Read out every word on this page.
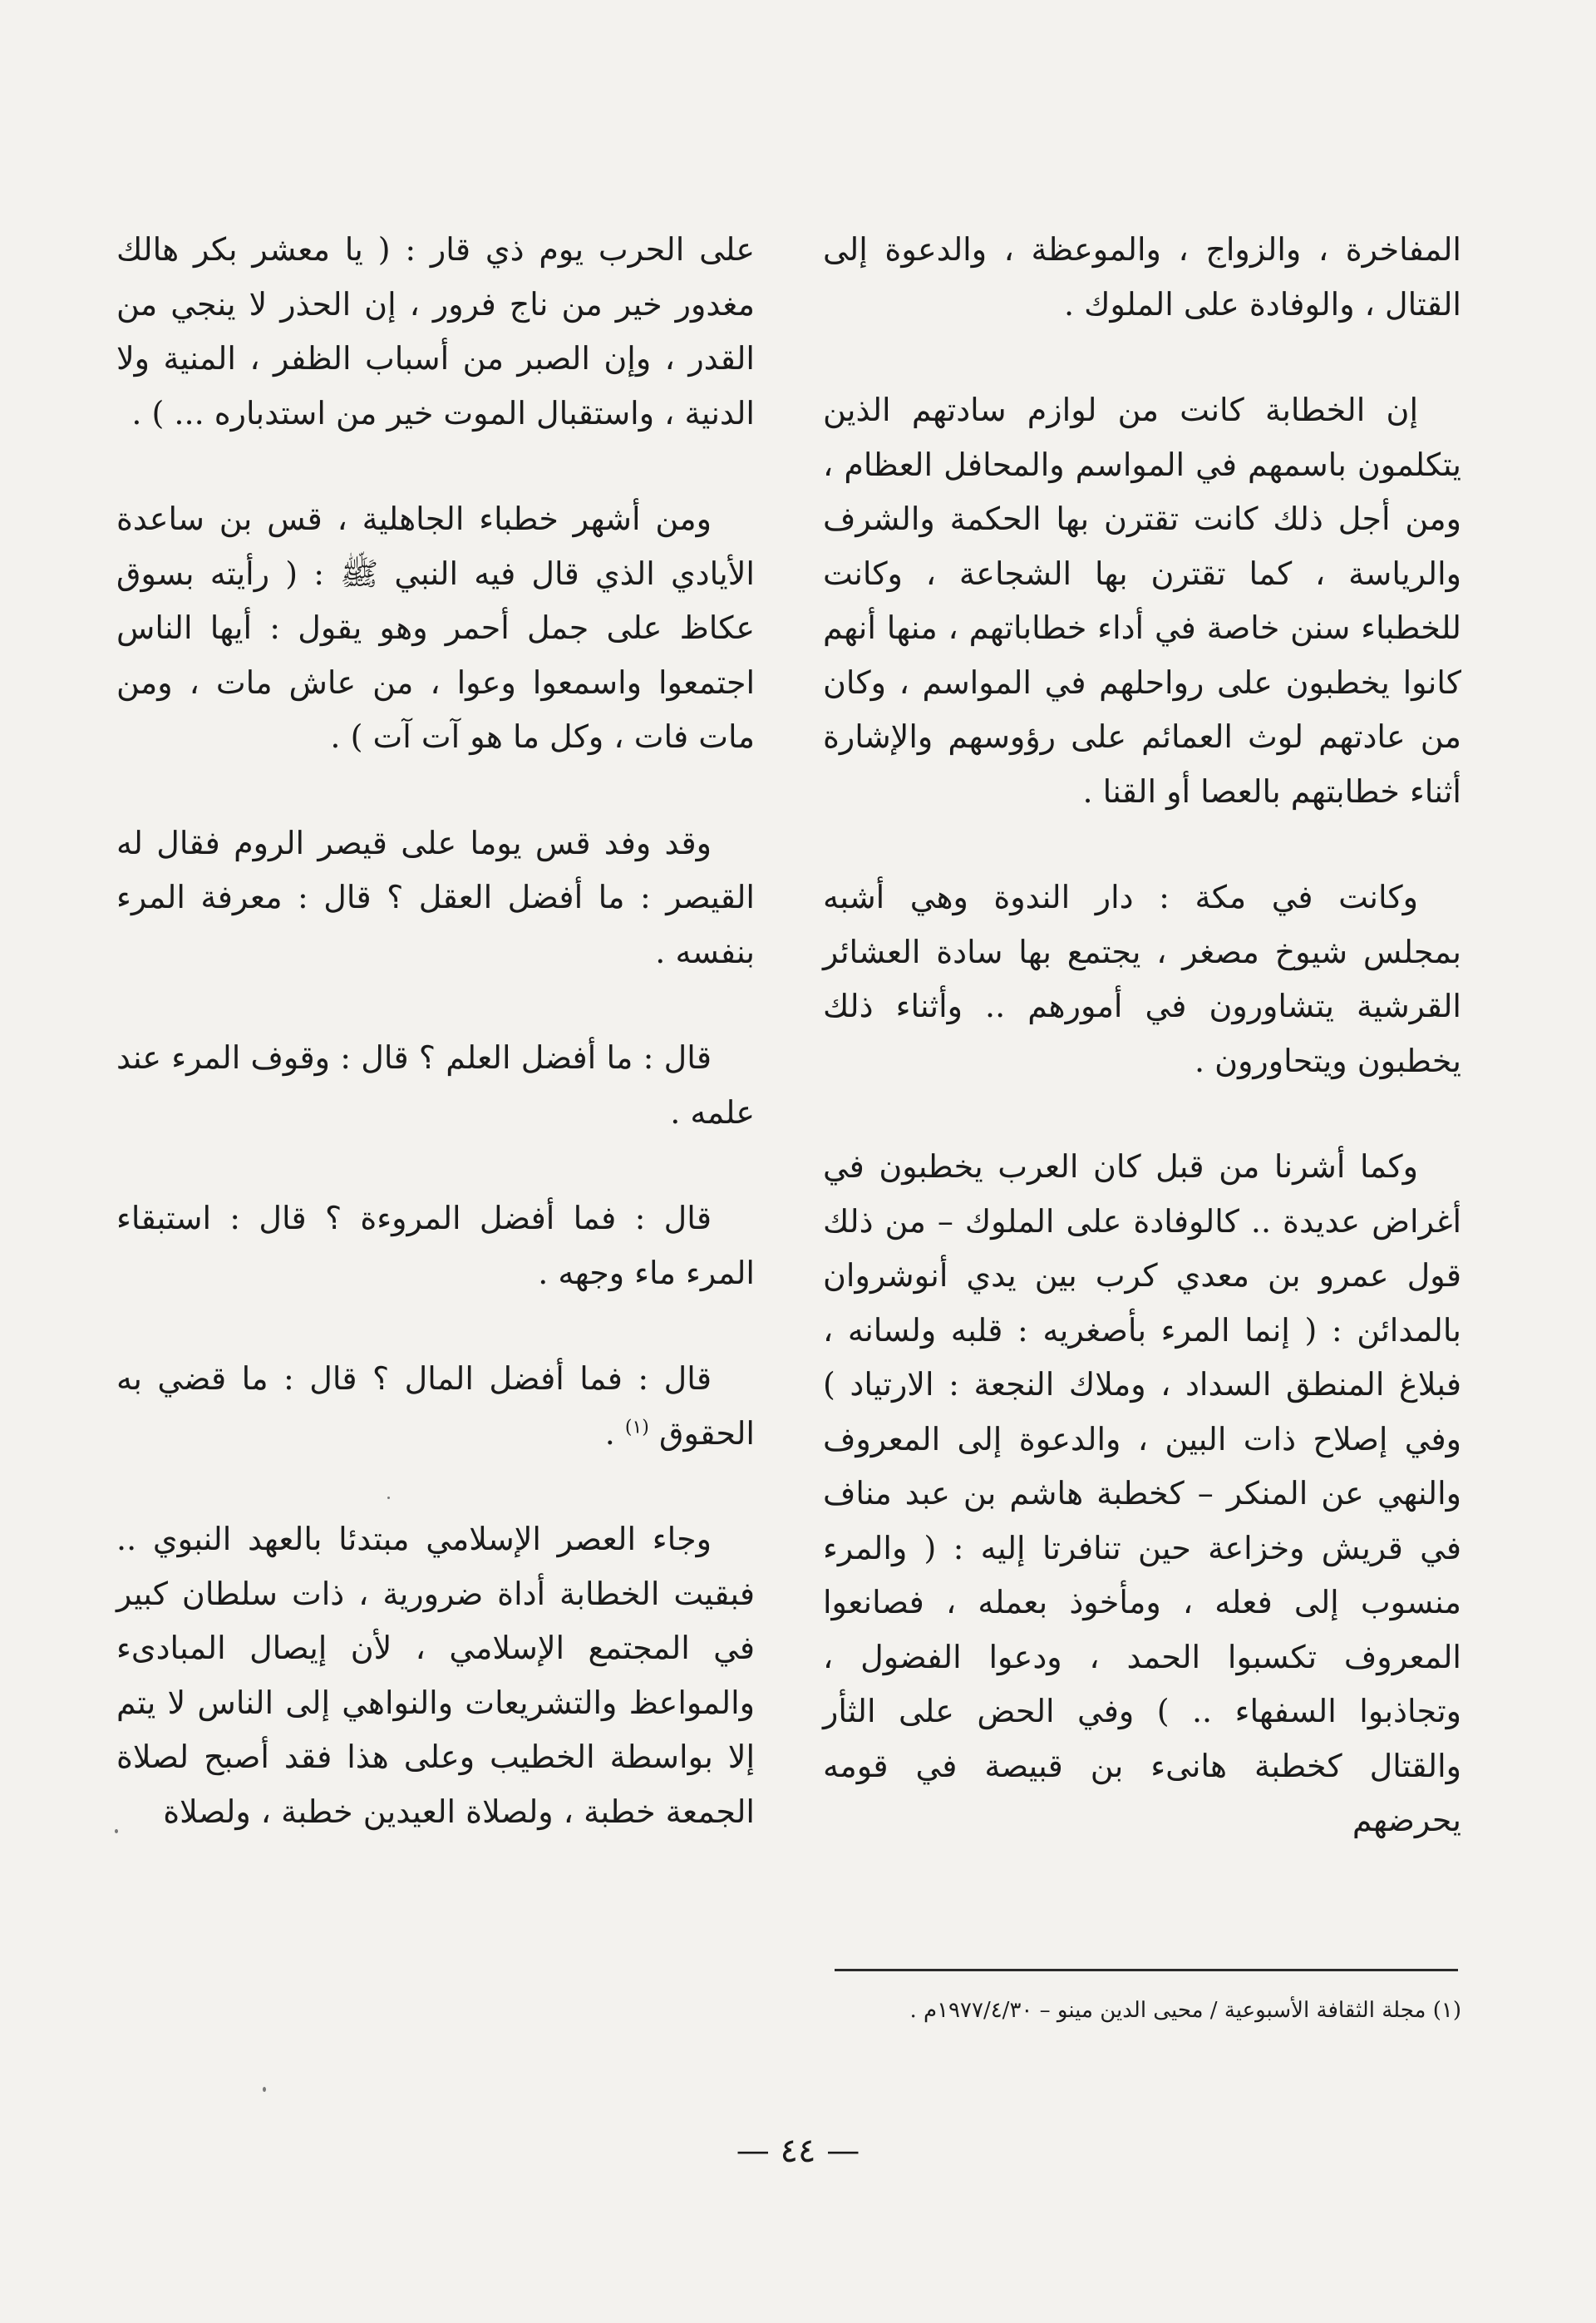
المفاخرة ، والزواج ، والموعظة ، والدعوة إلى القتال ، والوفادة على الملوك .

إن الخطابة كانت من لوازم سادتهم الذين يتكلمون باسمهم في المواسم والمحافل العظام ، ومن أجل ذلك كانت تقترن بها الحكمة والشرف والرياسة ، كما تقترن بها الشجاعة ، وكانت للخطباء سنن خاصة في أداء خطاباتهم ، منها أنهم كانوا يخطبون على رواحلهم في المواسم ، وكان من عادتهم لوث العمائم على رؤوسهم والإشارة أثناء خطابتهم بالعصا أو القنا .

وكانت في مكة : دار الندوة وهي أشبه بمجلس شيوخ مصغر ، يجتمع بها سادة العشائر القرشية يتشاورون في أمورهم .. وأثناء ذلك يخطبون ويتحاورون .

وكما أشرنا من قبل كان العرب يخطبون في أغراض عديدة .. كالوفادة على الملوك – من ذلك قول عمرو بن معدي كرب بين يدي أنوشروان بالمدائن : ( إنما المرء بأصغريه : قلبه ولسانه ، فبلاغ المنطق السداد ، وملاك النجعة : الارتياد ) وفي إصلاح ذات البين ، والدعوة إلى المعروف والنهي عن المنكر – كخطبة هاشم بن عبد مناف في قريش وخزاعة حين تنافرتا إليه : ( والمرء منسوب إلى فعله ، ومأخوذ بعمله ، فصانعوا المعروف تكسبوا الحمد ، ودعوا الفضول ، وتجاذبوا السفهاء .. ) وفي الحض على الثأر والقتال كخطبة هانىء بن قبيصة في قومه يحرضهم

على الحرب يوم ذي قار : ( يا معشر بكر هالك مغدور خير من ناج فرور ، إن الحذر لا ينجي من القدر ، وإن الصبر من أسباب الظفر ، المنية ولا الدنية ، واستقبال الموت خير من استدباره ... ) .

ومن أشهر خطباء الجاهلية ، قس بن ساعدة الأيادي الذي قال فيه النبي ﷺ : ( رأيته بسوق عكاظ على جمل أحمر وهو يقول : أيها الناس اجتمعوا واسمعوا وعوا ، من عاش مات ، ومن مات فات ، وكل ما هو آت آت ) .

وقد وفد قس يوما على قيصر الروم فقال له القيصر : ما أفضل العقل ؟ قال : معرفة المرء بنفسه .

قال : ما أفضل العلم ؟ قال : وقوف المرء عند علمه .

قال : فما أفضل المروءة ؟ قال : استبقاء المرء ماء وجهه .

قال : فما أفضل المال ؟ قال : ما قضي به الحقوق $^{(١)}$ .

وجاء العصر الإسلامي مبتدئا بالعهد النبوي .. فبقيت الخطابة أداة ضرورية ، ذات سلطان كبير في المجتمع الإسلامي ، لأن إيصال المبادىء والمواعظ والتشريعات والنواهي إلى الناس لا يتم إلا بواسطة الخطيب وعلى هذا فقد أصبح لصلاة الجمعة خطبة ، ولصلاة العيدين خطبة ، ولصلاة

(١) مجلة الثقافة الأسبوعية / محيى الدين مينو – ١٩٧٧/٤/٣٠م .
— ٤٤ —
